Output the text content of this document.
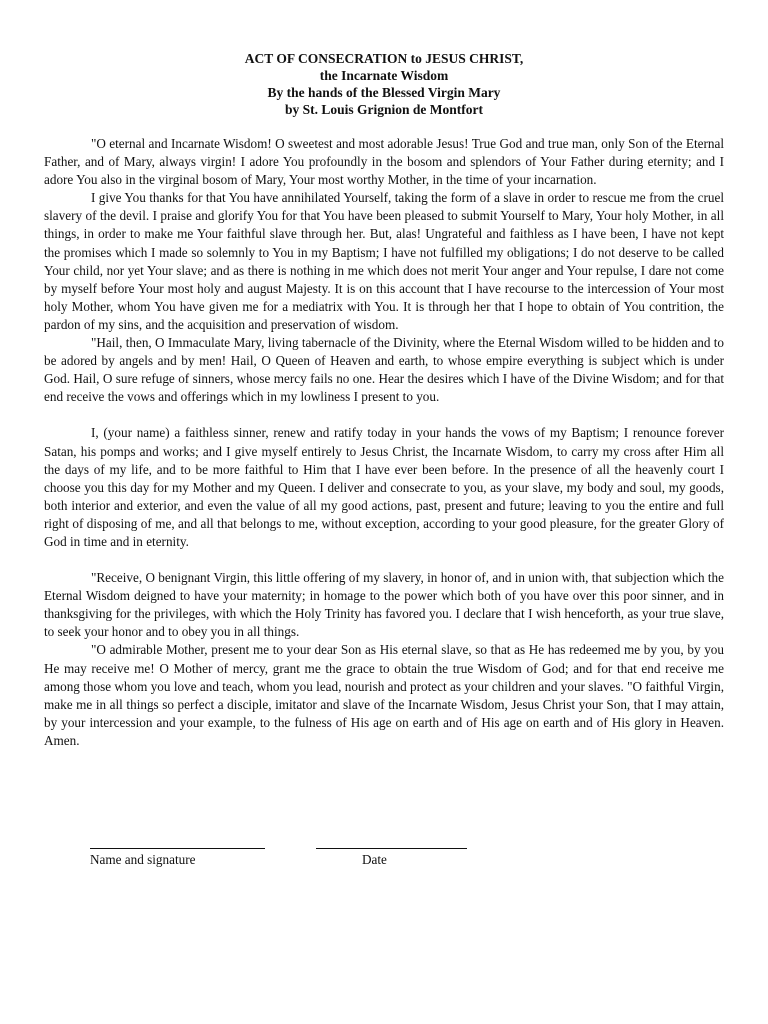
ACT OF CONSECRATION to JESUS CHRIST,
the Incarnate Wisdom
By the hands of the Blessed Virgin Mary
by St. Louis Grignion de Montfort

"O eternal and Incarnate Wisdom! O sweetest and most adorable Jesus! True God and true man, only Son of the Eternal Father, and of Mary, always virgin! I adore You profoundly in the bosom and splendors of Your Father during eternity; and I adore You also in the virginal bosom of Mary, Your most worthy Mother, in the time of your incarnation.

I give You thanks for that You have annihilated Yourself, taking the form of a slave in order to rescue me from the cruel slavery of the devil. I praise and glorify You for that You have been pleased to submit Yourself to Mary, Your holy Mother, in all things, in order to make me Your faithful slave through her. But, alas! Ungrateful and faithless as I have been, I have not kept the promises which I made so solemnly to You in my Baptism; I have not fulfilled my obligations; I do not deserve to be called Your child, nor yet Your slave; and as there is nothing in me which does not merit Your anger and Your repulse, I dare not come by myself before Your most holy and august Majesty. It is on this account that I have recourse to the intercession of Your most holy Mother, whom You have given me for a mediatrix with You. It is through her that I hope to obtain of You contrition, the pardon of my sins, and the acquisition and preservation of wisdom.

"Hail, then, O Immaculate Mary, living tabernacle of the Divinity, where the Eternal Wisdom willed to be hidden and to be adored by angels and by men! Hail, O Queen of Heaven and earth, to whose empire everything is subject which is under God. Hail, O sure refuge of sinners, whose mercy fails no one. Hear the desires which I have of the Divine Wisdom; and for that end receive the vows and offerings which in my lowliness I present to you.

I, (your name) a faithless sinner, renew and ratify today in your hands the vows of my Baptism; I renounce forever Satan, his pomps and works; and I give myself entirely to Jesus Christ, the Incarnate Wisdom, to carry my cross after Him all the days of my life, and to be more faithful to Him that I have ever been before. In the presence of all the heavenly court I choose you this day for my Mother and my Queen. I deliver and consecrate to you, as your slave, my body and soul, my goods, both interior and exterior, and even the value of all my good actions, past, present and future; leaving to you the entire and full right of disposing of me, and all that belongs to me, without exception, according to your good pleasure, for the greater Glory of God in time and in eternity.

"Receive, O benignant Virgin, this little offering of my slavery, in honor of, and in union with, that subjection which the Eternal Wisdom deigned to have your maternity; in homage to the power which both of you have over this poor sinner, and in thanksgiving for the privileges, with which the Holy Trinity has favored you. I declare that I wish henceforth, as your true slave, to seek your honor and to obey you in all things.

"O admirable Mother, present me to your dear Son as His eternal slave, so that as He has redeemed me by you, by you He may receive me! O Mother of mercy, grant me the grace to obtain the true Wisdom of God; and for that end receive me among those whom you love and teach, whom you lead, nourish and protect as your children and your slaves. "O faithful Virgin, make me in all things so perfect a disciple, imitator and slave of the Incarnate Wisdom, Jesus Christ your Son, that I may attain, by your intercession and your example, to the fulness of His age on earth and of His age on earth and of His glory in Heaven. Amen.

Name and signature	Date
